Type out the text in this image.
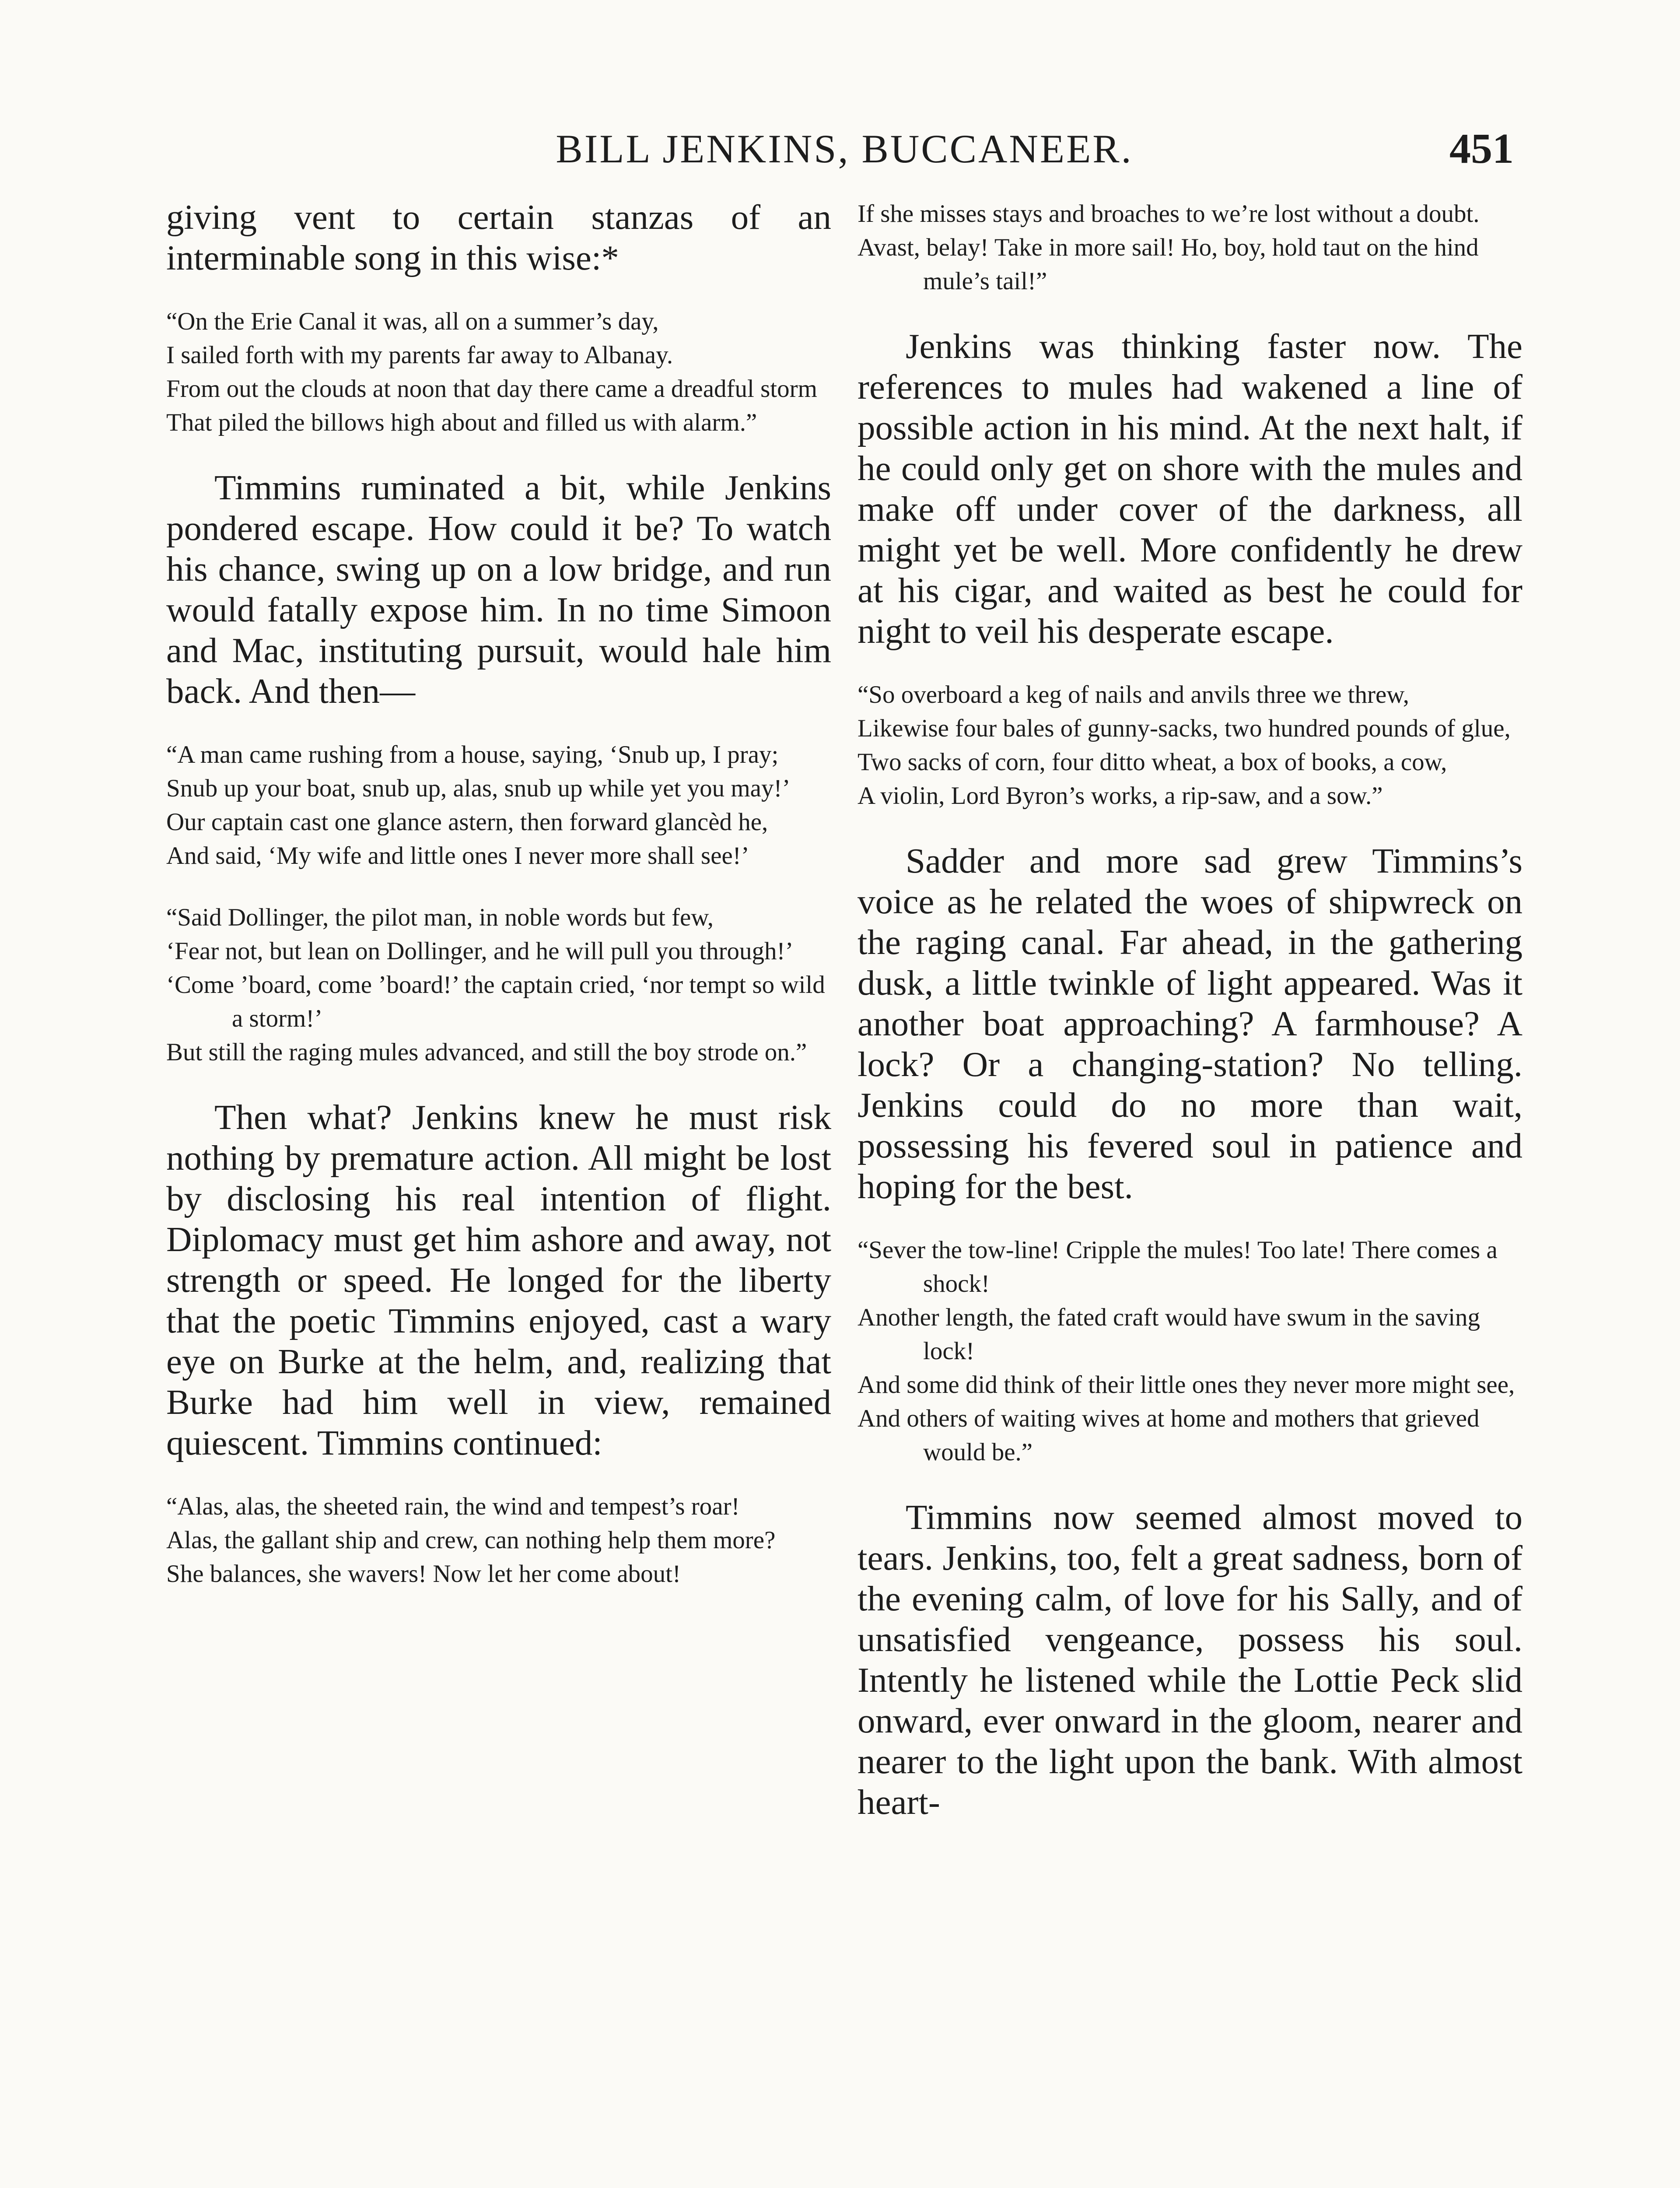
BILL JENKINS, BUCCANEER.	451

giving vent to certain stanzas of an interminable song in this wise:*

“On the Erie Canal it was, all on a summer’s day,

I sailed forth with my parents far away to Albanay.

From out the clouds at noon that day there came a dreadful storm

That piled the billows high about and filled us with alarm.”

Timmins ruminated a bit, while Jenkins pondered escape. How could it be? To watch his chance, swing up on a low bridge, and run would fatally expose him. In no time Simoon and Mac, instituting pursuit, would hale him back. And then—

“A man came rushing from a house, saying, ‘Snub up, I pray;

Snub up your boat, snub up, alas, snub up while yet you may!’

Our captain cast one glance astern, then forward glancèd he,

And said, ‘My wife and little ones I never more shall see!’

“Said Dollinger, the pilot man, in noble words but few,

‘Fear not, but lean on Dollinger, and he will pull you through!’

‘Come ’board, come ’board!’ the captain cried, ‘nor tempt so wild a storm!’

But still the raging mules advanced, and still the boy strode on.”

Then what? Jenkins knew he must risk nothing by premature action. All might be lost by disclosing his real intention of flight. Diplomacy must get him ashore and away, not strength or speed. He longed for the liberty that the poetic Timmins enjoyed, cast a wary eye on Burke at the helm, and, realizing that Burke had him well in view, remained quiescent. Timmins continued:

“Alas, alas, the sheeted rain, the wind and tempest’s roar!

Alas, the gallant ship and crew, can nothing help them more?

She balances, she wavers! Now let her come about!

If she misses stays and broaches to we’re lost without a doubt.

Avast, belay! Take in more sail! Ho, boy, hold taut on the hind mule’s tail!”

Jenkins was thinking faster now. The references to mules had wakened a line of possible action in his mind. At the next halt, if he could only get on shore with the mules and make off under cover of the darkness, all might yet be well. More confidently he drew at his cigar, and waited as best he could for night to veil his desperate escape.

“So overboard a keg of nails and anvils three we threw,

Likewise four bales of gunny-sacks, two hundred pounds of glue,

Two sacks of corn, four ditto wheat, a box of books, a cow,

A violin, Lord Byron’s works, a rip-saw, and a sow.”

Sadder and more sad grew Timmins’s voice as he related the woes of shipwreck on the raging canal. Far ahead, in the gathering dusk, a little twinkle of light appeared. Was it another boat approaching? A farmhouse? A lock? Or a changing-station? No telling. Jenkins could do no more than wait, possessing his fevered soul in patience and hoping for the best.

“Sever the tow-line! Cripple the mules! Too late! There comes a shock!

Another length, the fated craft would have swum in the saving lock!

And some did think of their little ones they never more might see,

And others of waiting wives at home and mothers that grieved would be.”

Timmins now seemed almost moved to tears. Jenkins, too, felt a great sadness, born of the evening calm, of love for his Sally, and of unsatisfied vengeance, possess his soul. Intently he listened while the Lottie Peck slid onward, ever onward in the gloom, nearer and nearer to the light upon the bank. With almost heart-
